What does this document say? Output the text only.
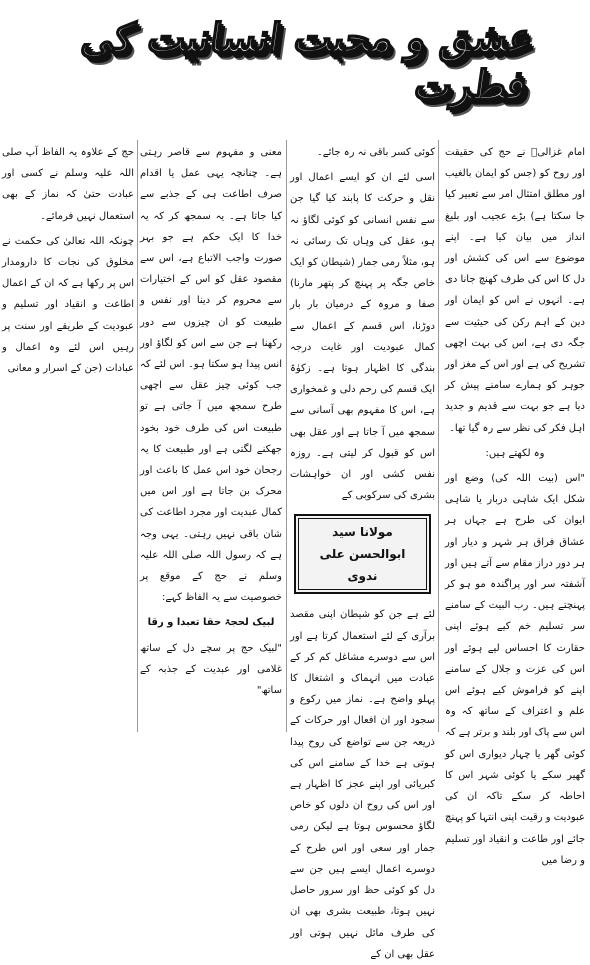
عشق و محبت انسانیت کی فطرت

امام غزالیؒ نے حج کی حقیقت اور روح کو (جس کو ایمان بالغیب اور مطلق امتثال امر سے تعبیر کیا جا سکتا ہے) بڑے عجیب اور بلیغ انداز میں بیان کیا ہے۔ اپنے موضوع سے اس کی کشش اور دل کا اس کی طرف کھنچ جانا دی ہے۔ انہوں نے اس کو ایمان اور دین کے اہم رکن کی حیثیت سے جگہ دی ہے، اس کی بہت اچھی تشریح کی ہے اور اس کے مغز اور جوہر کو ہمارے سامنے پیش کر دیا ہے جو بہت سے قدیم و جدید اہل فکر کی نظر سے رہ گیا تھا۔

وہ لکھتے ہیں:

"اس (بیت اللہ کی) وضع اور شکل ایک شاہی دربار یا شاہی ایوان کی طرح ہے جہاں ہر عشاق فراق ہر شہر و دیار اور ہر دور دراز مقام سے آتے ہیں اور آشفتہ سر اور پراگندہ مو ہو کر پہنچتے ہیں۔ رب البیت کے سامنے سر تسلیم خم کیے ہوئے اپنی حقارت کا احساس لیے ہوئے اور اس کی عزت و جلال کے سامنے اپنے کو فراموش کیے ہوئے اس علم و اعتراف کے ساتھ کہ وہ اس سے پاک اور بلند و برتر ہے کہ کوئی گھر یا چہار دیواری اس کو گھیر سکے یا کوئی شہر اس کا احاطہ کر سکے تاکہ ان کی عبودیت و رقیت اپنی انتہا کو پہنچ جائے اور طاعت و انقیاد اور تسلیم و رضا میں

کوئی کسر باقی نہ رہ جائے۔

اسی لئے ان کو ایسے اعمال اور نقل و حرکت کا پابند کیا گیا جن سے نفس انسانی کو کوئی لگاؤ نہ ہو، عقل کی وہاں تک رسائی نہ ہو، مثلاً رمی جمار (شیطان کو ایک خاص جگہ پر پہنچ کر پتھر مارنا) صفا و مروہ کے درمیان بار بار دوڑنا، اس قسم کے اعمال سے کمال عبودیت اور غایت درجہ بندگی کا اظہار ہوتا ہے۔ زکوٰۃ ایک قسم کی رحم دلی و غمخواری ہے، اس کا مفہوم بھی آسانی سے سمجھ میں آ جاتا ہے اور عقل بھی اس کو قبول کر لیتی ہے۔ روزہ نفس کشی اور ان خواہشات بشری کی سرکوبی کے

مولانا سید ابوالحسن علی ندوی

لئے ہے جن کو شیطان اپنی مقصد برآری کے لئے استعمال کرتا ہے اور اس سے دوسرے مشاغل کم کر کے عبادت میں انہماک و اشتغال کا پہلو واضح ہے۔ نماز میں رکوع و سجود اور ان افعال اور حرکات کے ذریعہ جن سے تواضع کی روح پیدا ہوتی ہے خدا کے سامنے اس کی کبریائی اور اپنے عجز کا اظہار ہے اور اس کی روح ان دلوں کو خاص لگاؤ محسوس ہوتا ہے لیکن رمی جمار اور سعی اور اس طرح کے دوسرے اعمال ایسے ہیں جن سے دل کو کوئی حظ اور سرور حاصل نہیں ہوتا، طبیعت بشری بھی ان کی طرف مائل نہیں ہوتی اور عقل بھی ان کے

معنی و مفہوم سے قاصر رہتی ہے۔ چنانچہ یہی عمل یا اقدام صرف اطاعت ہی کے جذبے سے کیا جاتا ہے۔ یہ سمجھ کر کہ یہ خدا کا ایک حکم ہے جو بہر صورت واجب الاتباع ہے، اس سے مقصود عقل کو اس کے اختیارات سے محروم کر دینا اور نفس و طبیعت کو ان چیزوں سے دور رکھنا ہے جن سے اس کو لگاؤ اور انس پیدا ہو سکتا ہو۔ اس لئے کہ جب کوئی چیز عقل سے اچھی طرح سمجھ میں آ جاتی ہے تو طبیعت اس کی طرف خود بخود جھکنے لگتی ہے اور طبیعت کا یہ رجحان خود اس عمل کا باعث اور محرک بن جاتا ہے اور اس میں کمال عبدیت اور مجرد اطاعت کی شان باقی نہیں رہتی۔ یہی وجہ ہے کہ رسول اللہ صلی اللہ علیہ وسلم نے حج کے موقع پر خصوصیت سے یہ الفاظ کہے:

لبیک لحجۃ حقا تعبدا و رقا

"لبیک حج پر سچے دل کے ساتھ غلامی اور عبدیت کے جذبہ کے ساتھ"

حج کے علاوہ یہ الفاظ آپ صلی اللہ علیہ وسلم نے کسی اور عبادت حتیٰ کہ نماز کے بھی استعمال نہیں فرمائے۔

چونکہ اللہ تعالیٰ کی حکمت نے مخلوق کی نجات کا دارومدار اس پر رکھا ہے کہ ان کے اعمال اطاعت و انقیاد اور تسلیم و عبودیت کے طریقے اور سنت پر رہیں اس لئے وہ اعمال و عبادات (جن کے اسرار و معانی
